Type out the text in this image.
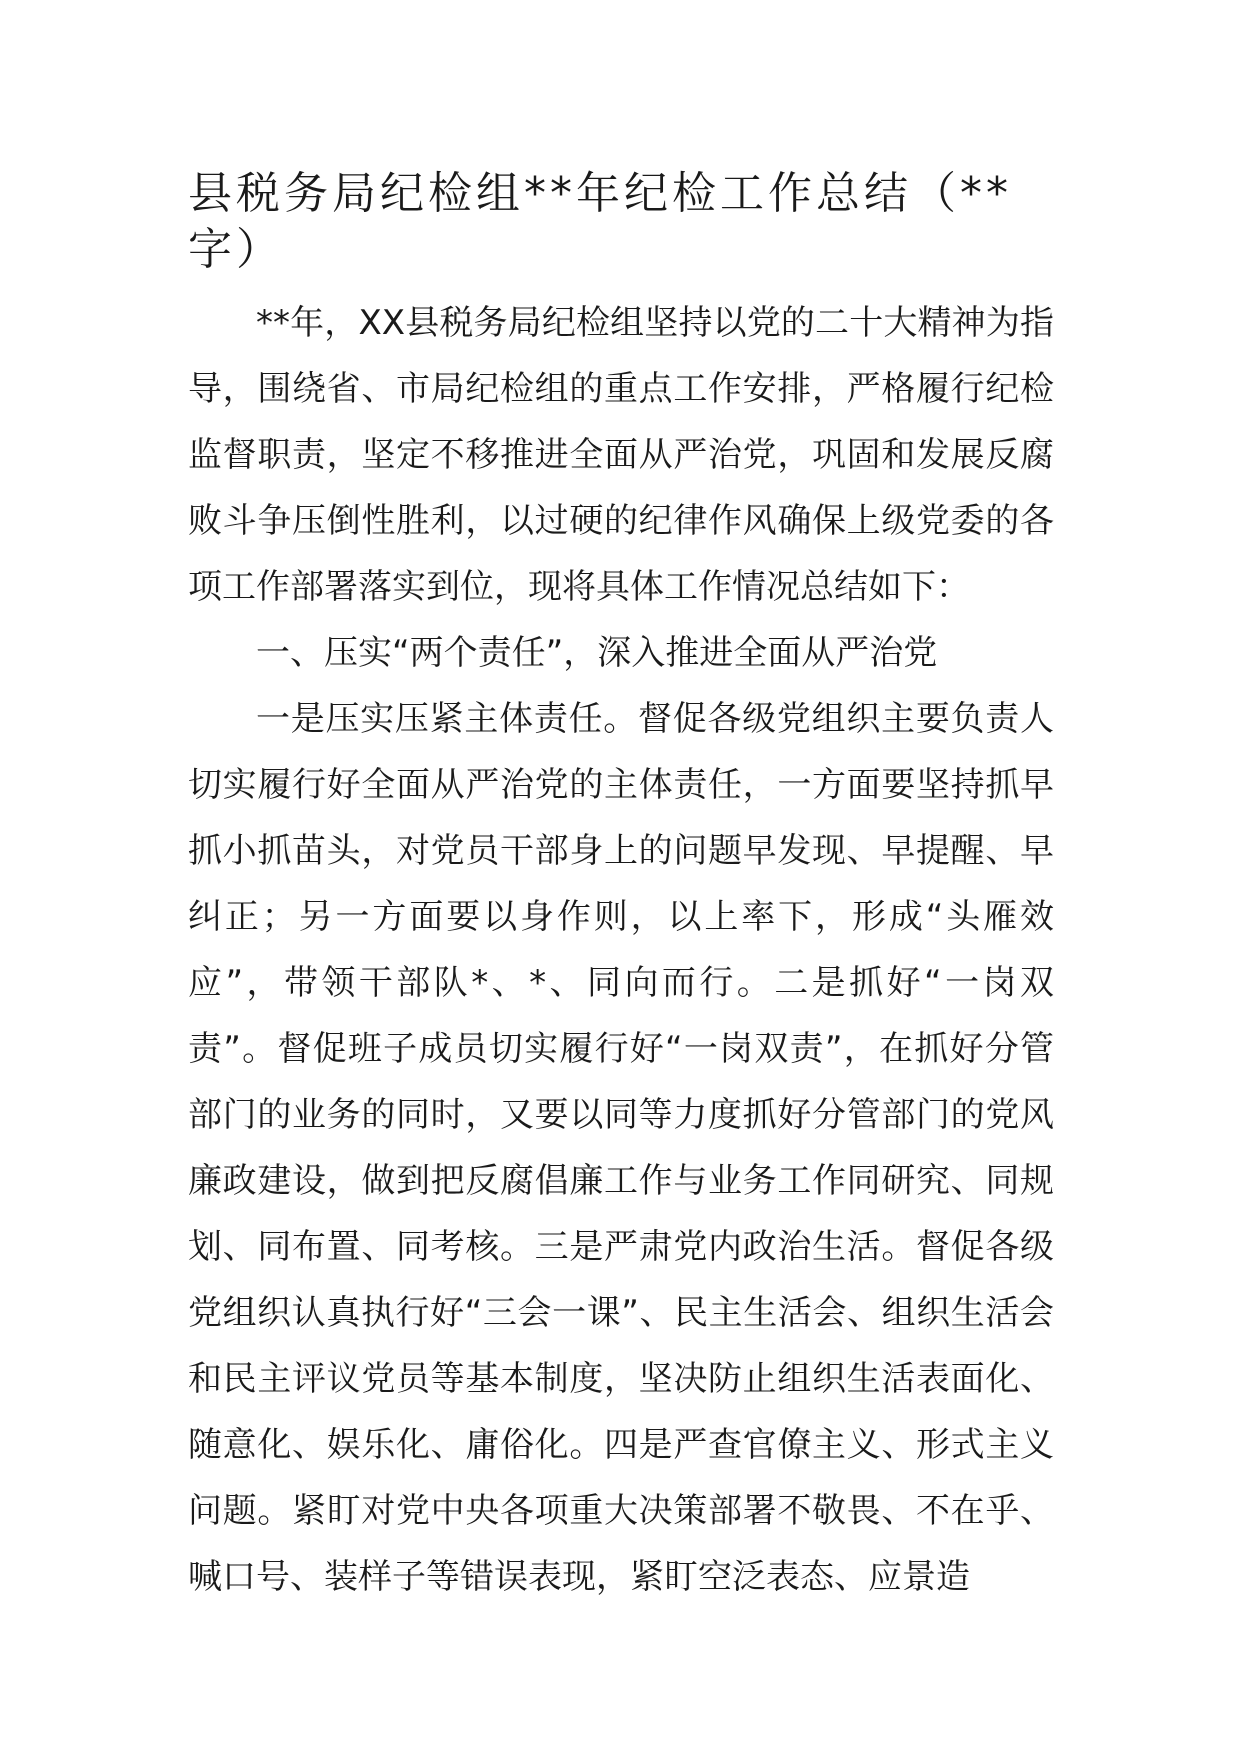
县税务局纪检组**年纪检工作总结（**字）

**年，XX县税务局纪检组坚持以党的二十大精神为指导，围绕省、市局纪检组的重点工作安排，严格履行纪检监督职责，坚定不移推进全面从严治党，巩固和发展反腐败斗争压倒性胜利，以过硬的纪律作风确保上级党委的各项工作部署落实到位，现将具体工作情况总结如下：

一、压实“两个责任”，深入推进全面从严治党

一是压实压紧主体责任。督促各级党组织主要负责人切实履行好全面从严治党的主体责任，一方面要坚持抓早抓小抓苗头，对党员干部身上的问题早发现、早提醒、早纠正；另一方面要以身作则，以上率下，形成“头雁效应”，带领干部队*、*、同向而行。二是抓好“一岗双责”。督促班子成员切实履行好“一岗双责”，在抓好分管部门的业务的同时，又要以同等力度抓好分管部门的党风廉政建设，做到把反腐倡廉工作与业务工作同研究、同规划、同布置、同考核。三是严肃党内政治生活。督促各级党组织认真执行好“三会一课”、民主生活会、组织生活会和民主评议党员等基本制度，坚决防止组织生活表面化、随意化、娱乐化、庸俗化。四是严查官僚主义、形式主义问题。紧盯对党中央各项重大决策部署不敬畏、不在乎、喊口号、装样子等错误表现，紧盯空泛表态、应景造
